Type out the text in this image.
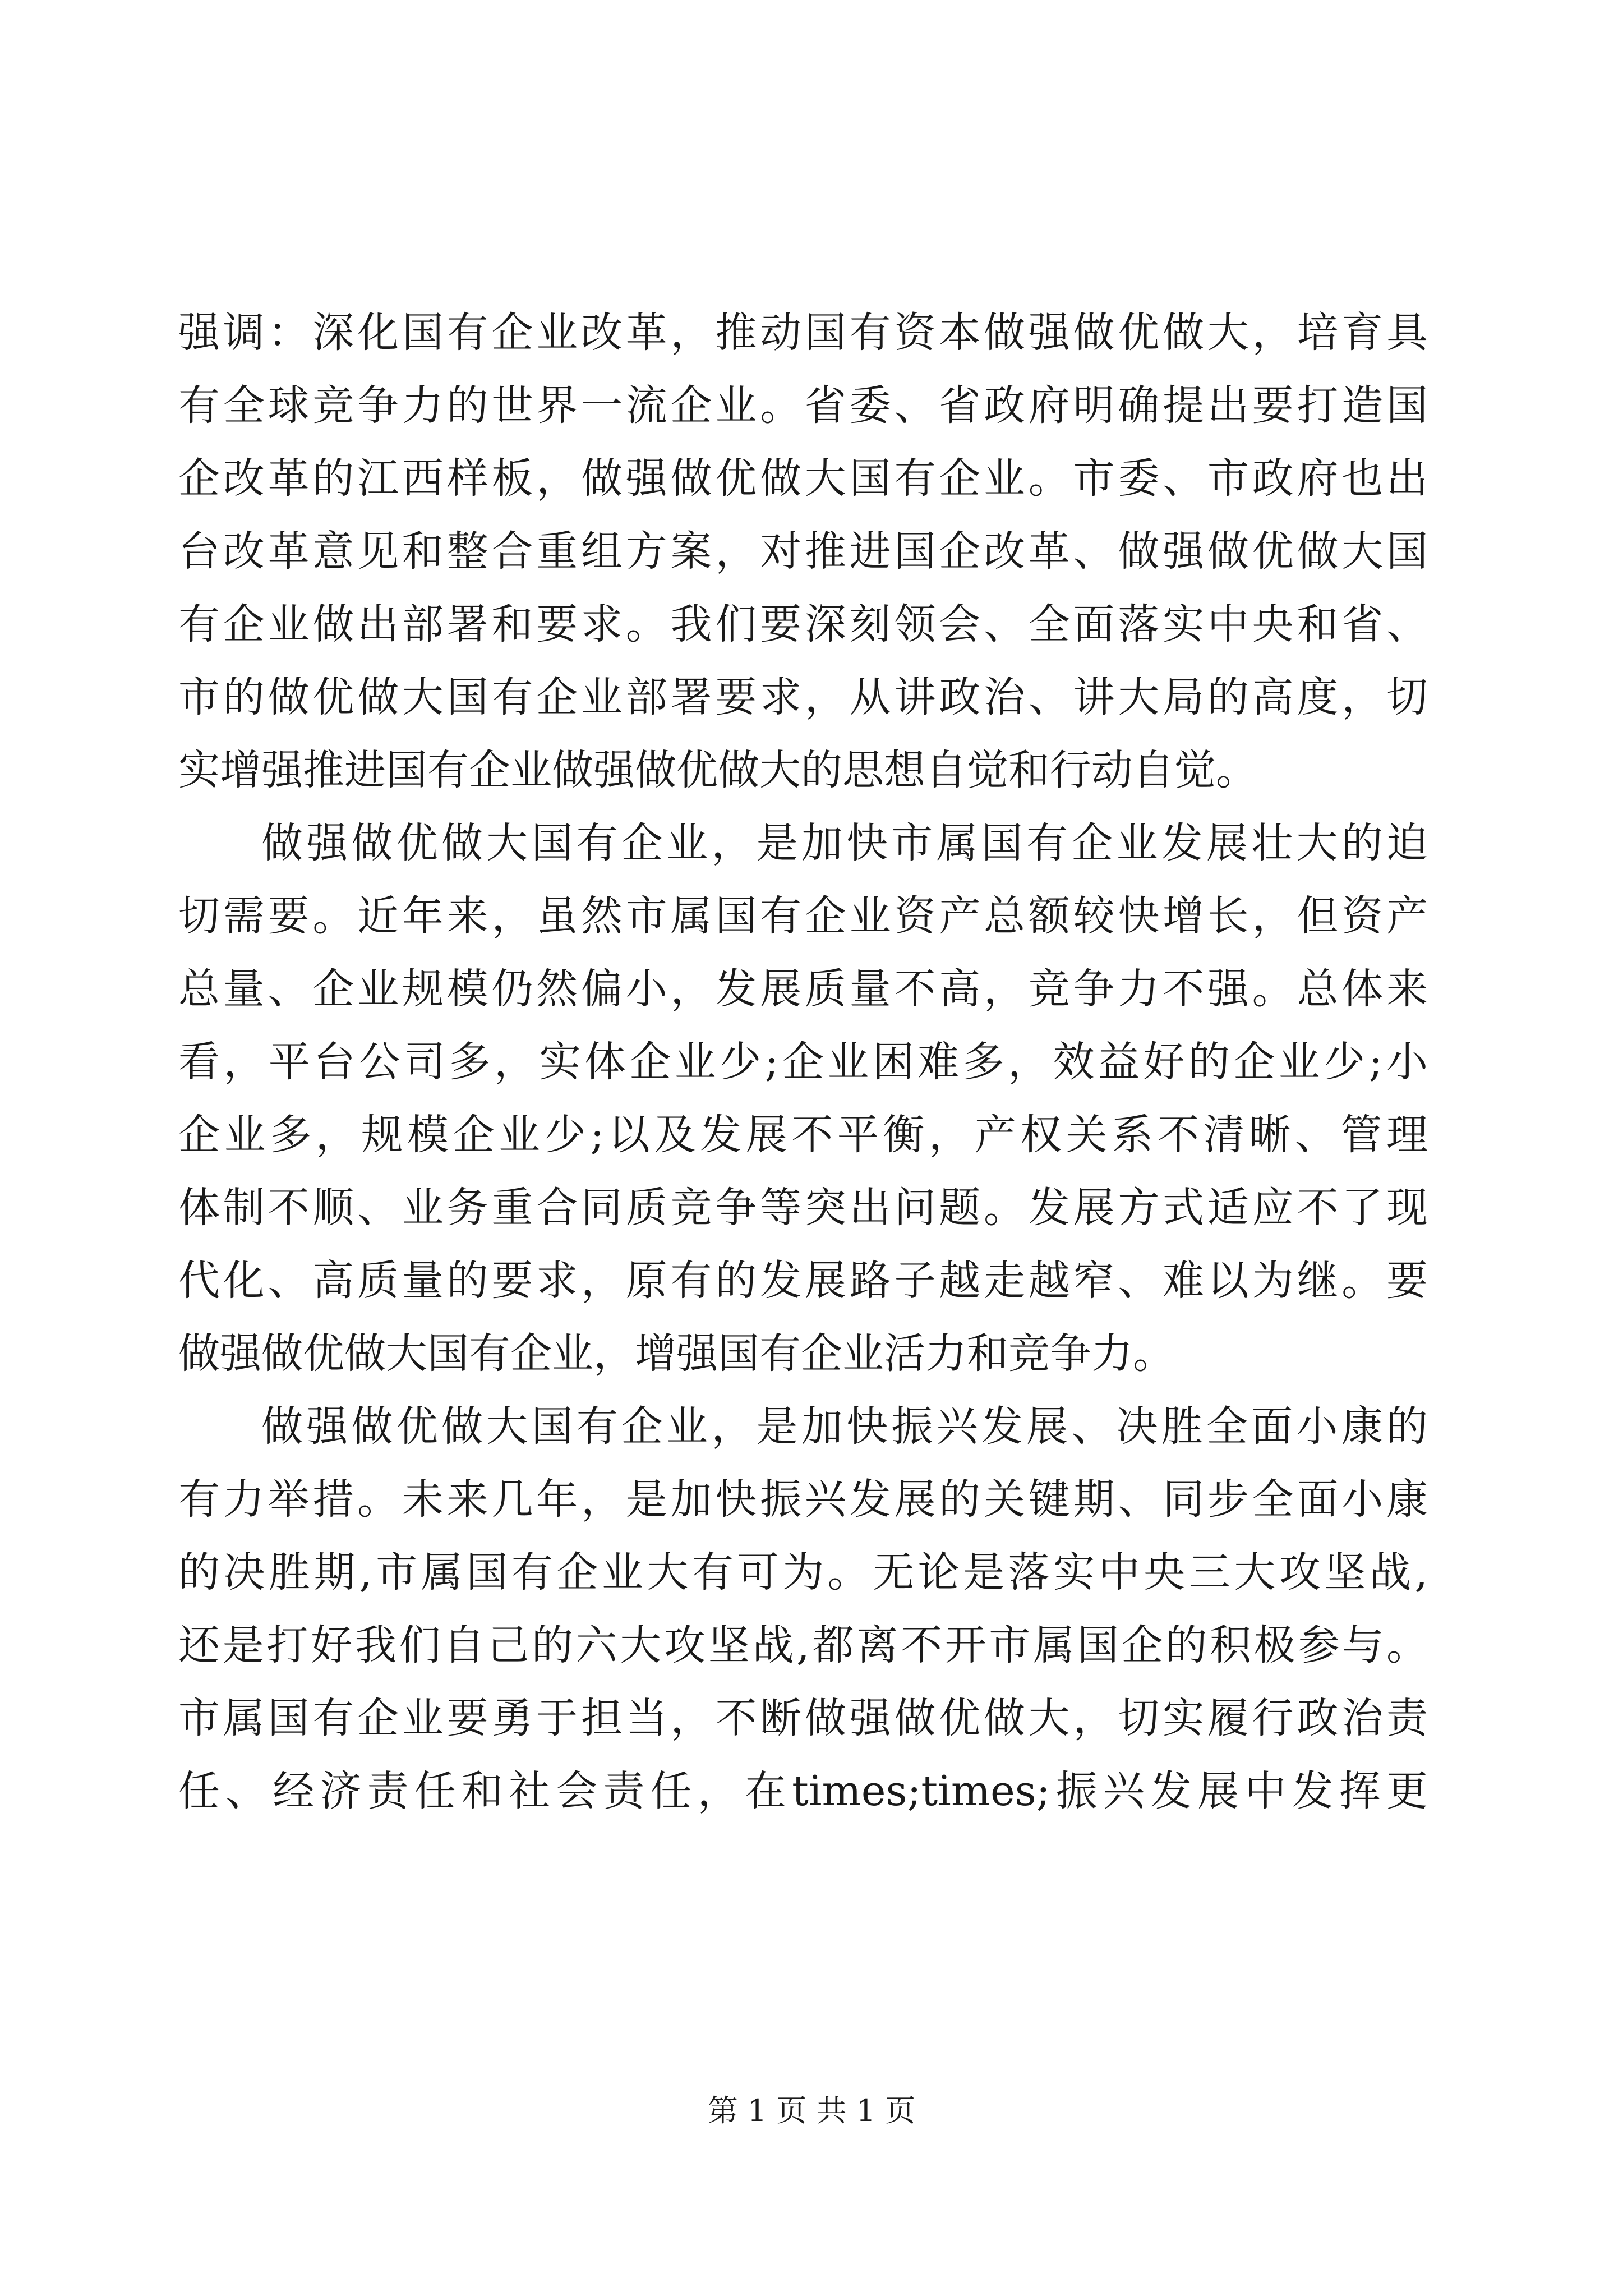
强调：深化国有企业改革，推动国有资本做强做优做大，培育具
有全球竞争力的世界一流企业。省委、省政府明确提出要打造国
企改革的江西样板，做强做优做大国有企业。市委、市政府也出
台改革意见和整合重组方案，对推进国企改革、做强做优做大国
有企业做出部署和要求。我们要深刻领会、全面落实中央和省、
市的做优做大国有企业部署要求，从讲政治、讲大局的高度，切
实增强推进国有企业做强做优做大的思想自觉和行动自觉。
做强做优做大国有企业，是加快市属国有企业发展壮大的迫
切需要。近年来，虽然市属国有企业资产总额较快增长，但资产
总量、企业规模仍然偏小，发展质量不高，竞争力不强。总体来
看，平台公司多，实体企业少;企业困难多，效益好的企业少;小
企业多，规模企业少;以及发展不平衡，产权关系不清晰、管理
体制不顺、业务重合同质竞争等突出问题。发展方式适应不了现
代化、高质量的要求，原有的发展路子越走越窄、难以为继。要
做强做优做大国有企业，增强国有企业活力和竞争力。
做强做优做大国有企业，是加快振兴发展、决胜全面小康的
有力举措。未来几年，是加快振兴发展的关键期、同步全面小康
的决胜期,市属国有企业大有可为。无论是落实中央三大攻坚战,
还是打好我们自己的六大攻坚战,都离不开市属国企的积极参与。
市属国有企业要勇于担当，不断做强做优做大，切实履行政治责
任、经济责任和社会责任，在times;times;振兴发展中发挥更
第 1 页 共 1 页
